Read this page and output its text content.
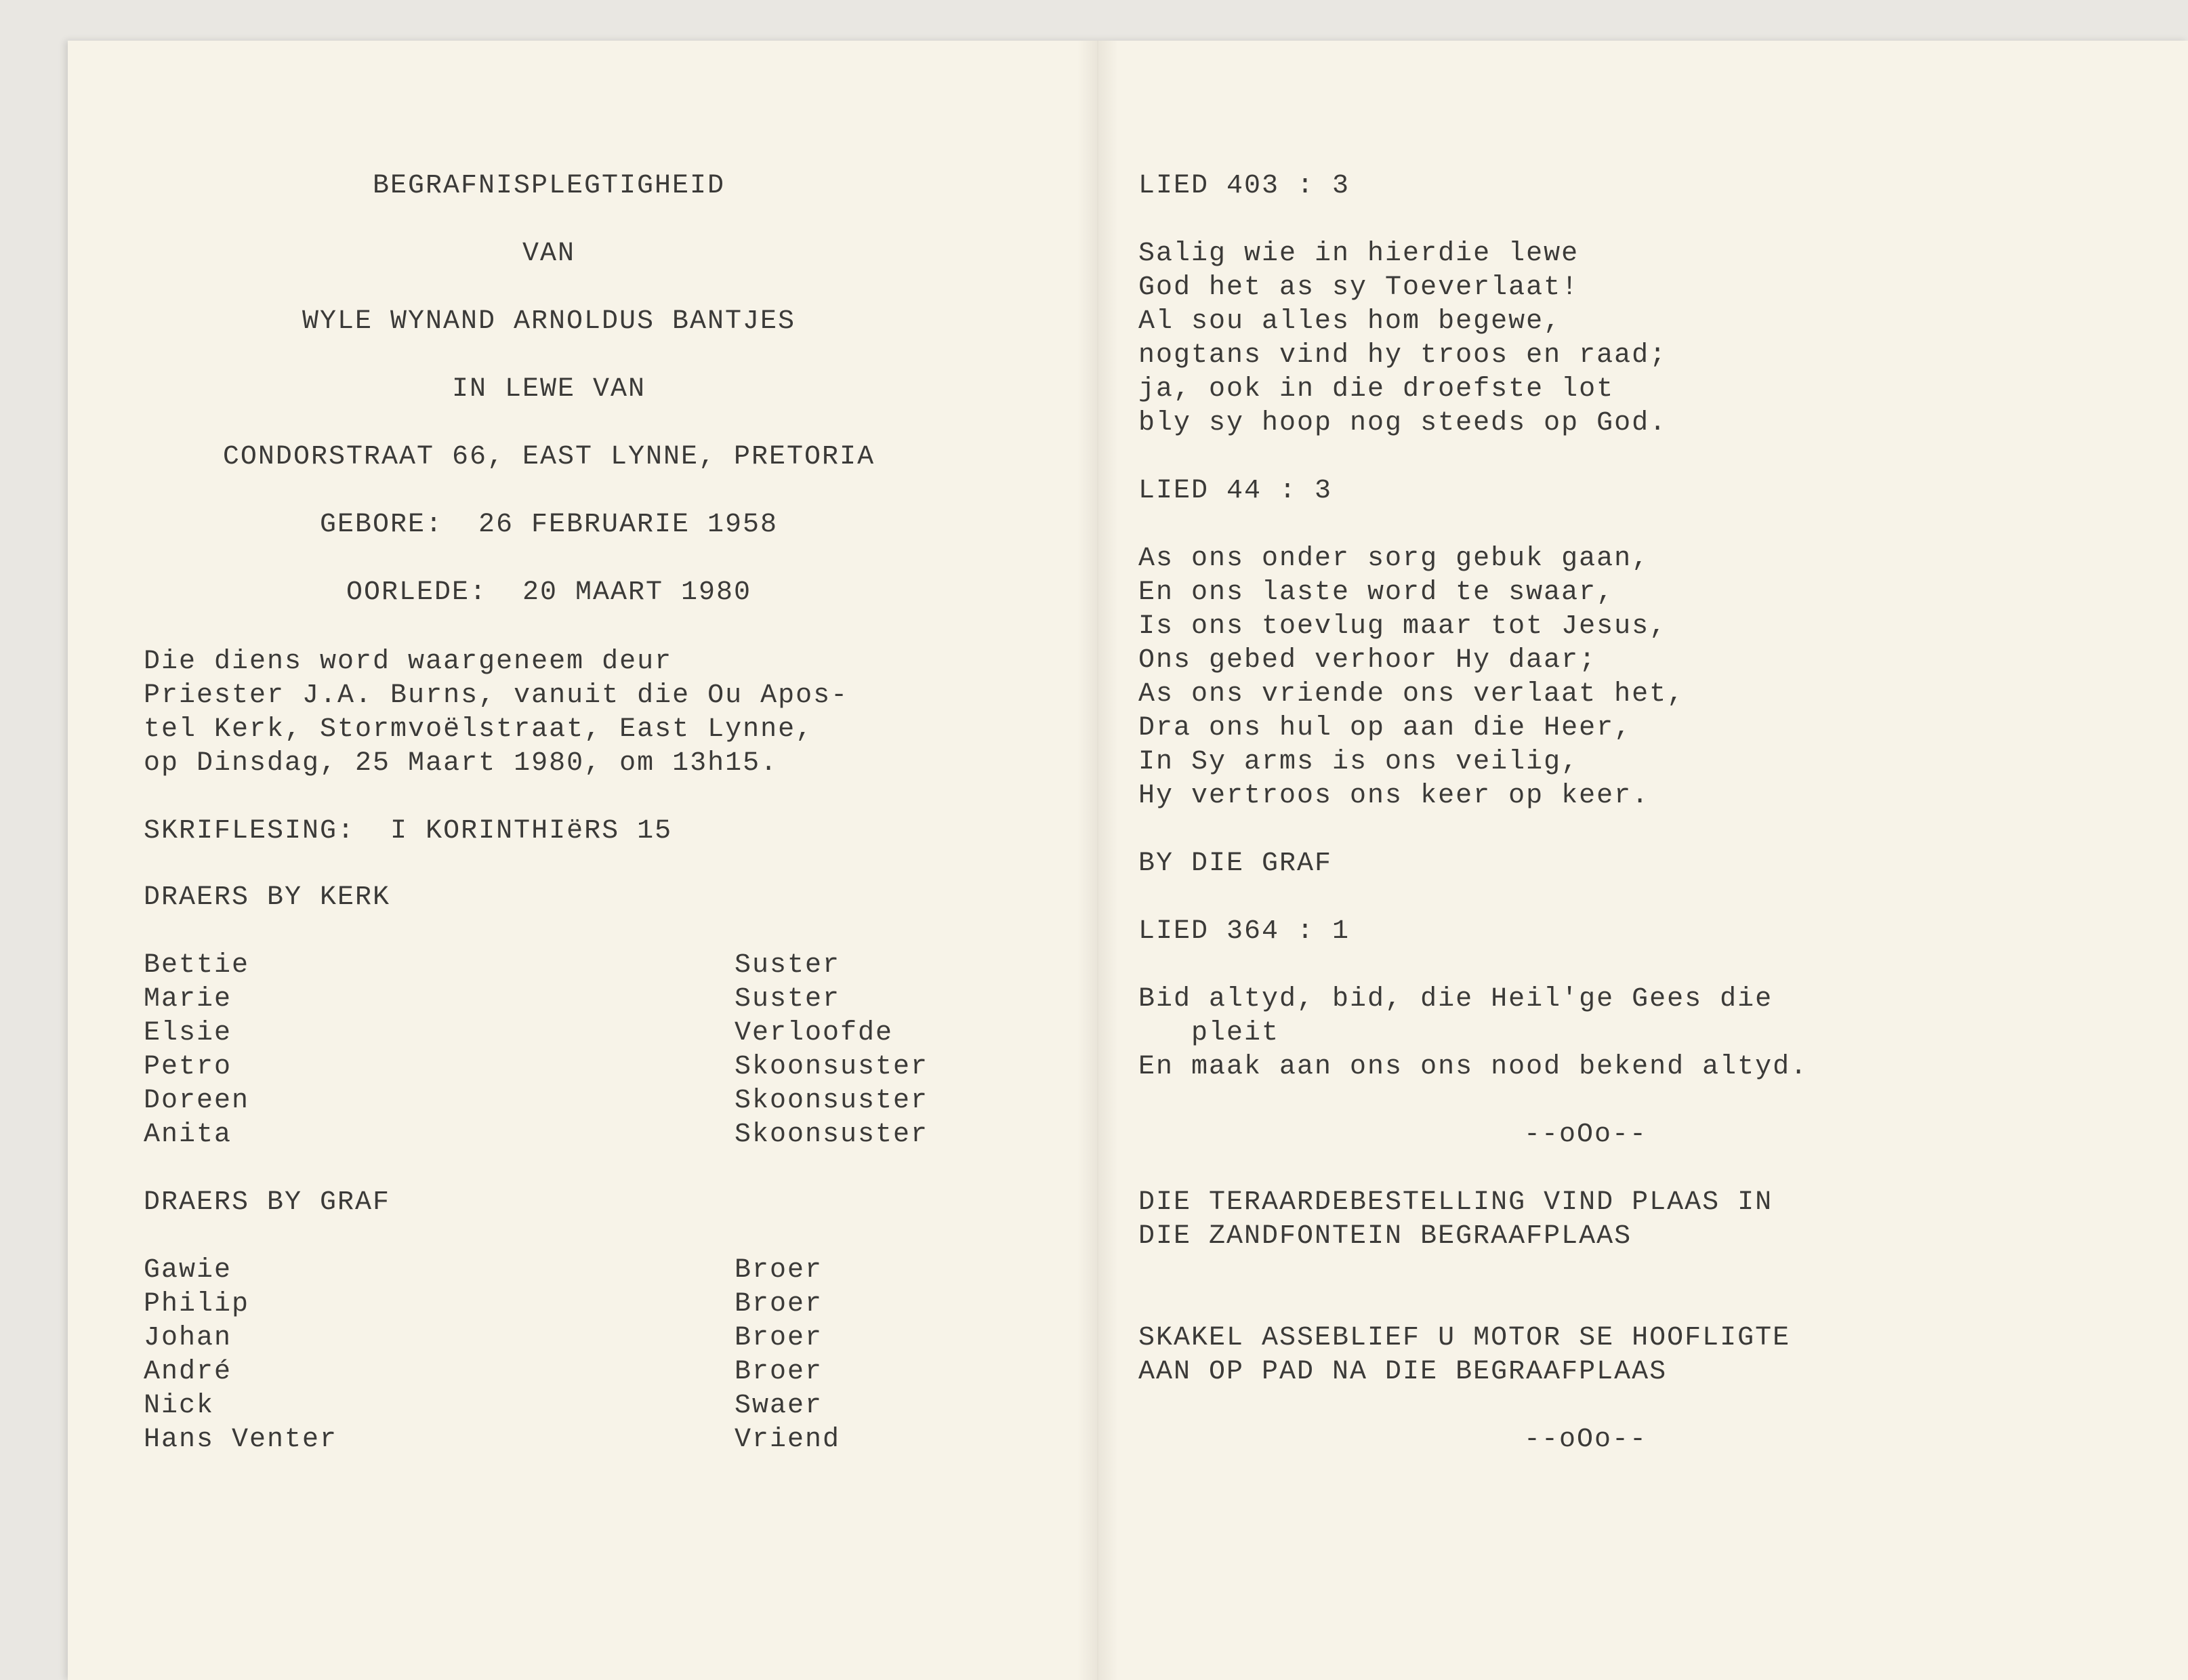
BEGRAFNISPLEGTIGHEID
VAN
WYLE WYNAND ARNOLDUS BANTJES
IN LEWE VAN
CONDORSTRAAT 66, EAST LYNNE, PRETORIA
GEBORE:  26 FEBRUARIE 1958
OORLEDE:  20 MAART 1980
Die diens word waargeneem deur
Priester J.A. Burns, vanuit die Ou Apos-
tel Kerk, Stormvoëlstraat, East Lynne,
op Dinsdag, 25 Maart 1980, om 13h15.
SKRIFLESING:  I KORINTHIëRS 15
DRAERS BY KERK
Bettie	Suster
Marie	Suster
Elsie	Verloofde
Petro	Skoonsuster
Doreen	Skoonsuster
Anita	Skoonsuster
DRAERS BY GRAF
Gawie	Broer
Philip	Broer
Johan	Broer
André	Broer
Nick	Swaer
Hans Venter	Vriend
LIED 403 : 3
Salig wie in hierdie lewe
God het as sy Toeverlaat!
Al sou alles hom begewe,
nogtans vind hy troos en raad;
ja, ook in die droefste lot
bly sy hoop nog steeds op God.
LIED 44 : 3
As ons onder sorg gebuk gaan,
En ons laste word te swaar,
Is ons toevlug maar tot Jesus,
Ons gebed verhoor Hy daar;
As ons vriende ons verlaat het,
Dra ons hul op aan die Heer,
In Sy arms is ons veilig,
Hy vertroos ons keer op keer.
BY DIE GRAF
LIED 364 : 1
Bid altyd, bid, die Heil'ge Gees die
pleit
En maak aan ons ons nood bekend altyd.
--oOo--
DIE TERAARDEBESTELLING VIND PLAAS IN
DIE ZANDFONTEIN BEGRAAFPLAAS
SKAKEL ASSEBLIEF U MOTOR SE HOOFLIGTE
AAN OP PAD NA DIE BEGRAAFPLAAS
--oOo--
